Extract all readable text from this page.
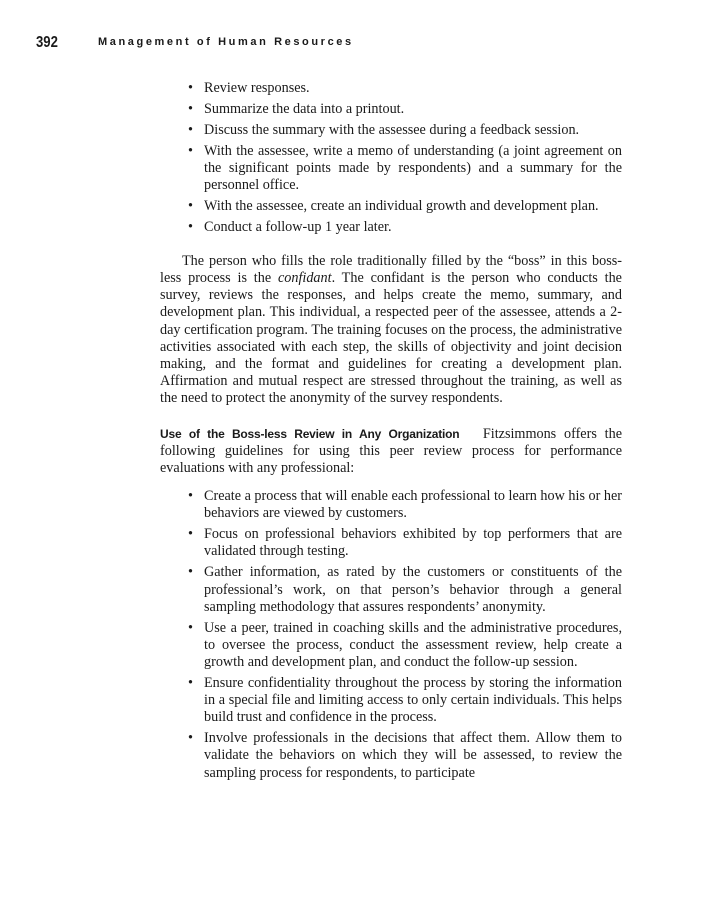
392	Management of Human Resources
• Review responses.
• Summarize the data into a printout.
• Discuss the summary with the assessee during a feedback session.
• With the assessee, write a memo of understanding (a joint agreement on the significant points made by respondents) and a summary for the personnel office.
• With the assessee, create an individual growth and development plan.
• Conduct a follow-up 1 year later.

The person who fills the role traditionally filled by the “boss” in this boss-less process is the confidant. The confidant is the person who conducts the survey, reviews the responses, and helps create the memo, summary, and development plan. This individual, a respected peer of the assessee, attends a 2-day certification program. The training focuses on the process, the administrative activities associated with each step, the skills of objectivity and joint decision making, and the format and guidelines for creating a development plan. Affirmation and mutual respect are stressed throughout the training, as well as the need to protect the anonymity of the survey respondents.

Use of the Boss-less Review in Any Organization Fitzsimmons offers the following guidelines for using this peer review process for performance evaluations with any professional:

• Create a process that will enable each professional to learn how his or her behaviors are viewed by customers.
• Focus on professional behaviors exhibited by top performers that are validated through testing.
• Gather information, as rated by the customers or constituents of the professional’s work, on that person’s behavior through a general sampling methodology that assures respondents’ anonymity.
• Use a peer, trained in coaching skills and the administrative procedures, to oversee the process, conduct the assessment review, help create a growth and development plan, and conduct the follow-up session.
• Ensure confidentiality throughout the process by storing the information in a special file and limiting access to only certain individuals. This helps build trust and confidence in the process.
• Involve professionals in the decisions that affect them. Allow them to validate the behaviors on which they will be assessed, to review the sampling process for respondents, to participate
